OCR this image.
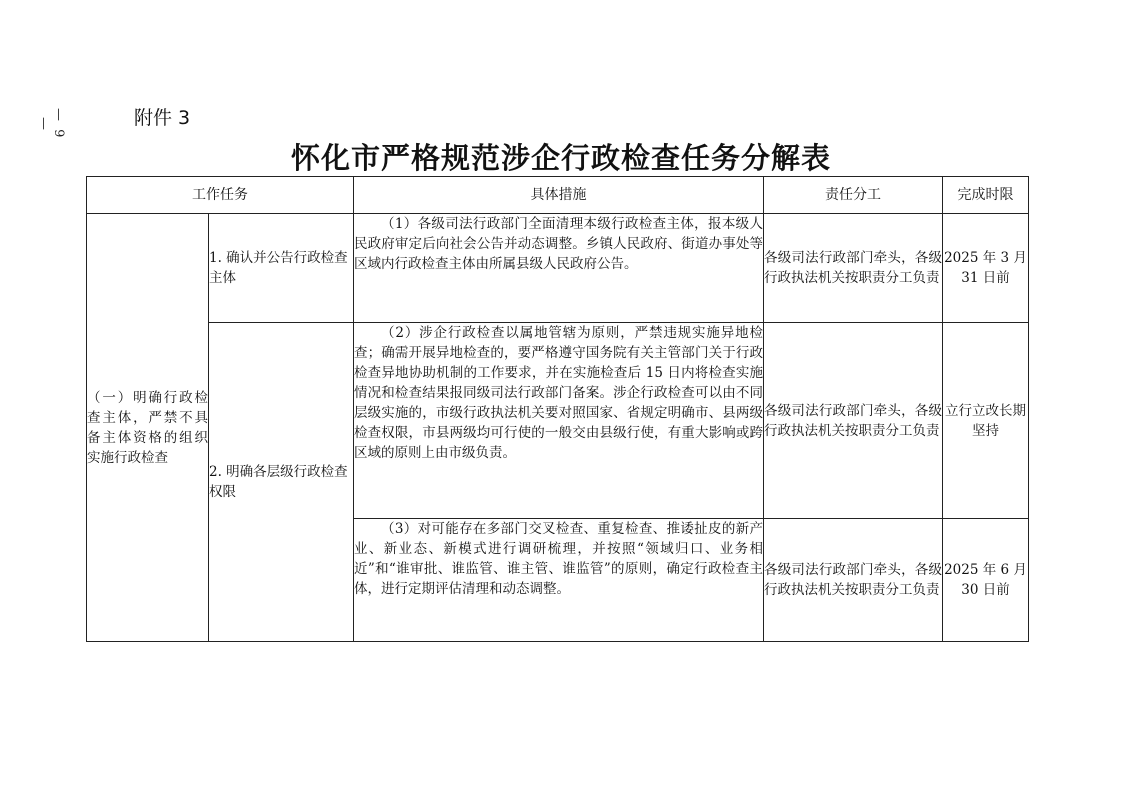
— 9 —	附件 3
怀化市严格规范涉企行政检查任务分解表
工作任务		具体措施	责任分工	完成时限
（一）明确行政检查主体，严禁不具备主体资格的组织实施行政检查	1. 确认并公告行政检查主体	（1）各级司法行政部门全面清理本级行政检查主体，报本级人民政府审定后向社会公告并动态调整。乡镇人民政府、街道办事处等区域内行政检查主体由所属县级人民政府公告。	各级司法行政部门牵头，各级行政执法机关按职责分工负责	2025 年 3 月 31 日前
	2. 明确各层级行政检查权限	（2）涉企行政检查以属地管辖为原则，严禁违规实施异地检查；确需开展异地检查的，要严格遵守国务院有关主管部门关于行政检查异地协助机制的工作要求，并在实施检查后 15 日内将检查实施情况和检查结果报同级司法行政部门备案。涉企行政检查可以由不同层级实施的，市级行政执法机关要对照国家、省规定明确市、县两级检查权限，市县两级均可行使的一般交由县级行使，有重大影响或跨区域的原则上由市级负责。	各级司法行政部门牵头，各级行政执法机关按职责分工负责	立行立改长期坚持
		（3）对可能存在多部门交叉检查、重复检查、推诿扯皮的新产业、新业态、新模式进行调研梳理，并按照“领域归口、业务相近”和“谁审批、谁监管、谁主管、谁监管”的原则，确定行政检查主体，进行定期评估清理和动态调整。	各级司法行政部门牵头，各级行政执法机关按职责分工负责	2025 年 6 月 30 日前
